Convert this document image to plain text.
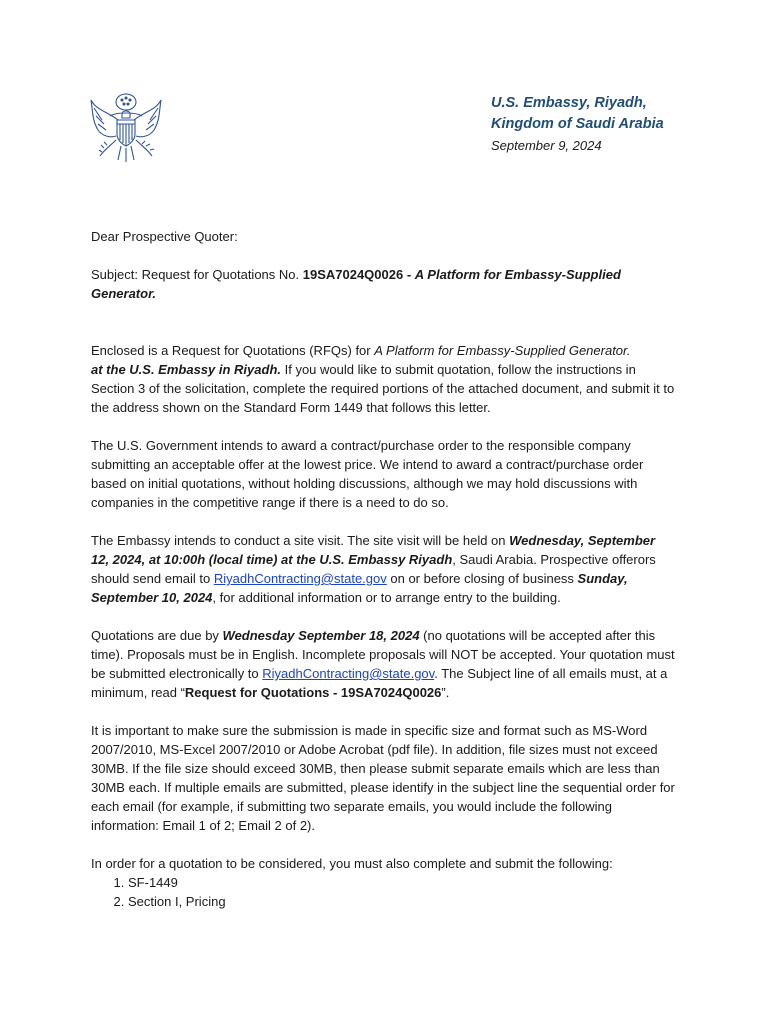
U.S. Embassy, Riyadh,
Kingdom of Saudi Arabia
September 9, 2024

Dear Prospective Quoter:

Subject: Request for Quotations No. 19SA7024Q0026 - A Platform for Embassy-Supplied Generator.

Enclosed is a Request for Quotations (RFQs) for A Platform for Embassy-Supplied Generator.
at the U.S. Embassy in Riyadh. If you would like to submit quotation, follow the instructions in Section 3 of the solicitation, complete the required portions of the attached document, and submit it to the address shown on the Standard Form 1449 that follows this letter.

The U.S. Government intends to award a contract/purchase order to the responsible company submitting an acceptable offer at the lowest price. We intend to award a contract/purchase order based on initial quotations, without holding discussions, although we may hold discussions with companies in the competitive range if there is a need to do so.

The Embassy intends to conduct a site visit. The site visit will be held on Wednesday, September 12, 2024, at 10:00h (local time) at the U.S. Embassy Riyadh, Saudi Arabia. Prospective offerors should send email to RiyadhContracting@state.gov on or before closing of business Sunday, September 10, 2024, for additional information or to arrange entry to the building.

Quotations are due by Wednesday September 18, 2024 (no quotations will be accepted after this time). Proposals must be in English. Incomplete proposals will NOT be accepted. Your quotation must be submitted electronically to RiyadhContracting@state.gov. The Subject line of all emails must, at a minimum, read “Request for Quotations - 19SA7024Q0026”.

It is important to make sure the submission is made in specific size and format such as MS-Word 2007/2010, MS-Excel 2007/2010 or Adobe Acrobat (pdf file). In addition, file sizes must not exceed 30MB. If the file size should exceed 30MB, then please submit separate emails which are less than 30MB each. If multiple emails are submitted, please identify in the subject line the sequential order for each email (for example, if submitting two separate emails, you would include the following information: Email 1 of 2; Email 2 of 2).

In order for a quotation to be considered, you must also complete and submit the following:

1. SF-1449
2. Section I, Pricing
